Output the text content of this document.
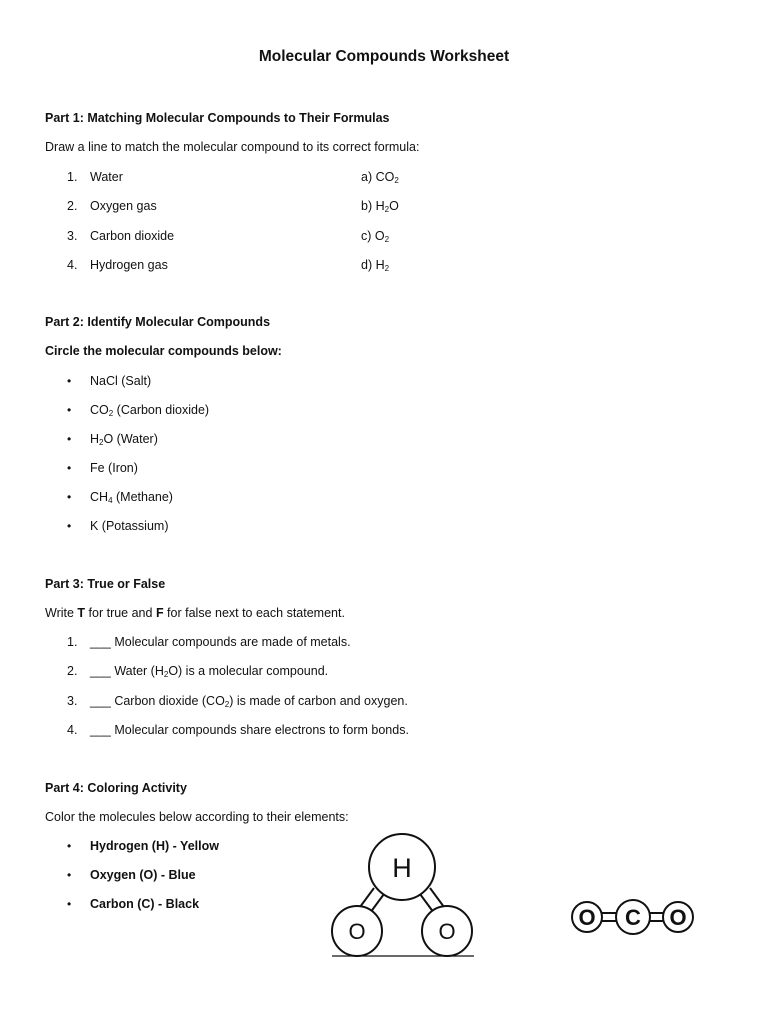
Molecular Compounds Worksheet
Part 1: Matching Molecular Compounds to Their Formulas
Draw a line to match the molecular compound to its correct formula:
1. Water	a) $CO_2$
2. Oxygen gas	b) $H_2O$
3. Carbon dioxide	c) $O_2$
4. Hydrogen gas	d) $H_2$
Part 2: Identify Molecular Compounds
Circle the molecular compounds below:
• NaCl (Salt)
• $CO_2$ (Carbon dioxide)
• $H_2O$ (Water)
• Fe (Iron)
• $CH_4$ (Methane)
• K (Potassium)
Part 3: True or False
Write T for true and F for false next to each statement.
1. ___ Molecular compounds are made of metals.
2. ___ Water $(H_2O)$ is a molecular compound.
3. ___ Carbon dioxide $(CO_2)$ is made of carbon and oxygen.
4. ___ Molecular compounds share electrons to form bonds.
Part 4: Coloring Activity
Color the molecules below according to their elements:
• Hydrogen (H) - Yellow
• Oxygen (O) - Blue
• Carbon (C) - Black
H
O	O
O C O
